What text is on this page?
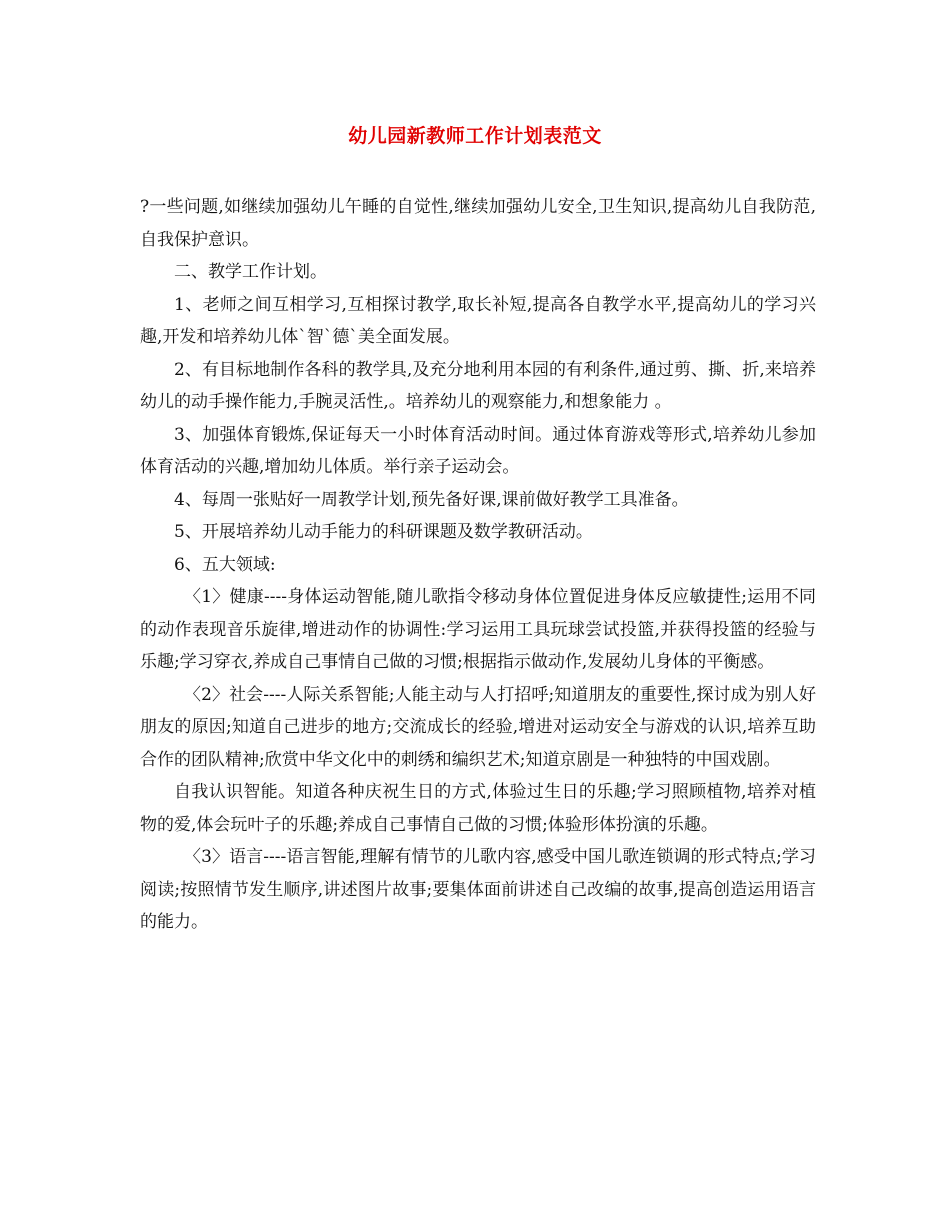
幼儿园新教师工作计划表范文

?一些问题,如继续加强幼儿午睡的自觉性,继续加强幼儿安全,卫生知识,提高幼儿自我防范,自我保护意识。

二、教学工作计划。

1、老师之间互相学习,互相探讨教学,取长补短,提高各自教学水平,提高幼儿的学习兴趣,开发和培养幼儿体`智`德`美全面发展。

2、有目标地制作各科的教学具,及充分地利用本园的有利条件,通过剪、撕、折,来培养幼儿的动手操作能力,手腕灵活性,。培养幼儿的观察能力,和想象能力 。

3、加强体育锻炼,保证每天一小时体育活动时间。通过体育游戏等形式,培养幼儿参加体育活动的兴趣,增加幼儿体质。举行亲子运动会。

4、每周一张贴好一周教学计划,预先备好课,课前做好教学工具准备。

5、开展培养幼儿动手能力的科研课题及数学教研活动。

6、五大领域:

〈1〉健康----身体运动智能,随儿歌指令移动身体位置促进身体反应敏捷性;运用不同的动作表现音乐旋律,增进动作的协调性:学习运用工具玩球尝试投篮,并获得投篮的经验与乐趣;学习穿衣,养成自己事情自己做的习惯;根据指示做动作,发展幼儿身体的平衡感。

〈2〉社会----人际关系智能;人能主动与人打招呼;知道朋友的重要性,探讨成为别人好朋友的原因;知道自己进步的地方;交流成长的经验,增进对运动安全与游戏的认识,培养互助合作的团队精神;欣赏中华文化中的刺绣和编织艺术;知道京剧是一种独特的中国戏剧。

自我认识智能。知道各种庆祝生日的方式,体验过生日的乐趣;学习照顾植物,培养对植物的爱,体会玩叶子的乐趣;养成自己事情自己做的习惯;体验形体扮演的乐趣。

〈3〉语言----语言智能,理解有情节的儿歌内容,感受中国儿歌连锁调的形式特点;学习阅读;按照情节发生顺序,讲述图片故事;要集体面前讲述自己改编的故事,提高创造运用语言的能力。
